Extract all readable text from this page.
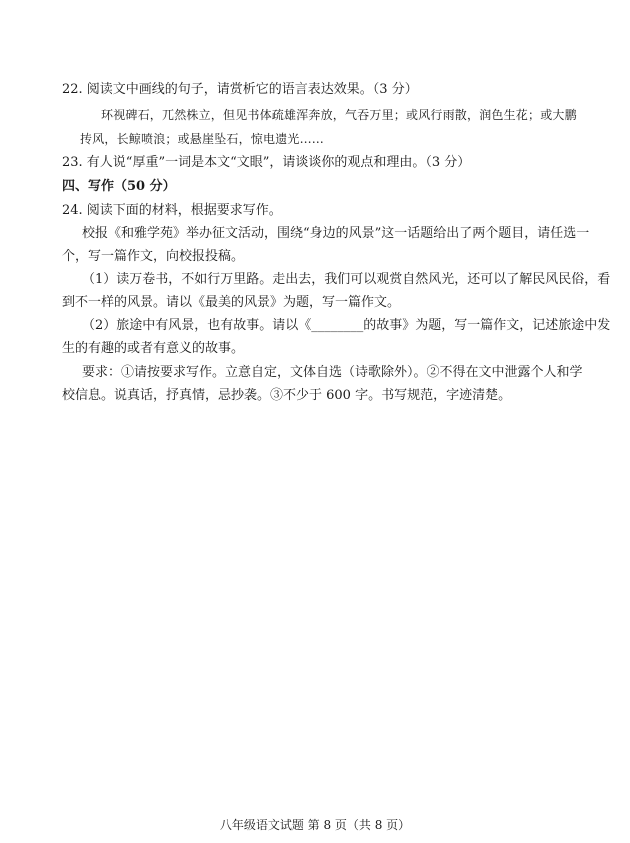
22. 阅读文中画线的句子，请赏析它的语言表达效果。（3 分）
环视碑石，兀然株立，但见书体疏雄浑奔放，气吞万里；或风行雨散，润色生花；或大鹏
抟风，长鲸喷浪；或悬崖坠石，惊电遗光……
23. 有人说“厚重”一词是本文“文眼”，请谈谈你的观点和理由。（3 分）
四、写作（50 分）
24. 阅读下面的材料，根据要求写作。
校报《和雅学苑》举办征文活动，围绕“身边的风景”这一话题给出了两个题目，请任选一
个，写一篇作文，向校报投稿。
（1）读万卷书，不如行万里路。走出去，我们可以观赏自然风光，还可以了解民风民俗，看
到不一样的风景。请以《最美的风景》为题，写一篇作文。
（2）旅途中有风景，也有故事。请以《________的故事》为题，写一篇作文，记述旅途中发
生的有趣的或者有意义的故事。
要求：①请按要求写作。立意自定，文体自选（诗歌除外）。②不得在文中泄露个人和学
校信息。说真话，抒真情，忌抄袭。③不少于 600 字。书写规范，字迹清楚。
八年级语文试题 第 8 页（共 8 页）
